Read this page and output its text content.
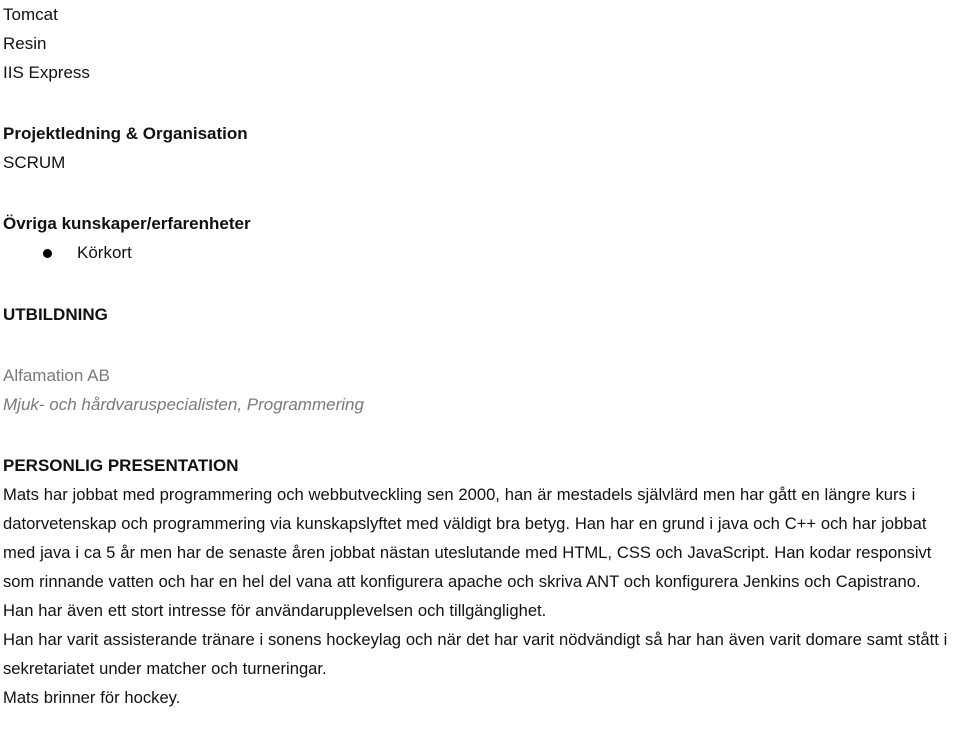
Tomcat
Resin
IIS Express
Projektledning & Organisation
SCRUM
Övriga kunskaper/erfarenheter
Körkort
UTBILDNING
Alfamation AB
Mjuk- och hårdvaruspecialisten, Programmering
PERSONLIG PRESENTATION

Mats har jobbat med programmering och webbutveckling sen 2000, han är mestadels självlärd men har gått en längre kurs i datorvetenskap och programmering via kunskapslyftet med väldigt bra betyg. Han har en grund i java och C++ och har jobbat med java i ca 5 år men har de senaste åren jobbat nästan uteslutande med HTML, CSS och JavaScript. Han kodar responsivt som rinnande vatten och har en hel del vana att konfigurera apache och skriva ANT och konfigurera Jenkins och Capistrano. Han har även ett stort intresse för användarupplevelsen och tillgänglighet.

Han har varit assisterande tränare i sonens hockeylag och när det har varit nödvändigt så har han även varit domare samt stått i sekretariatet under matcher och turneringar.

Mats brinner för hockey.
